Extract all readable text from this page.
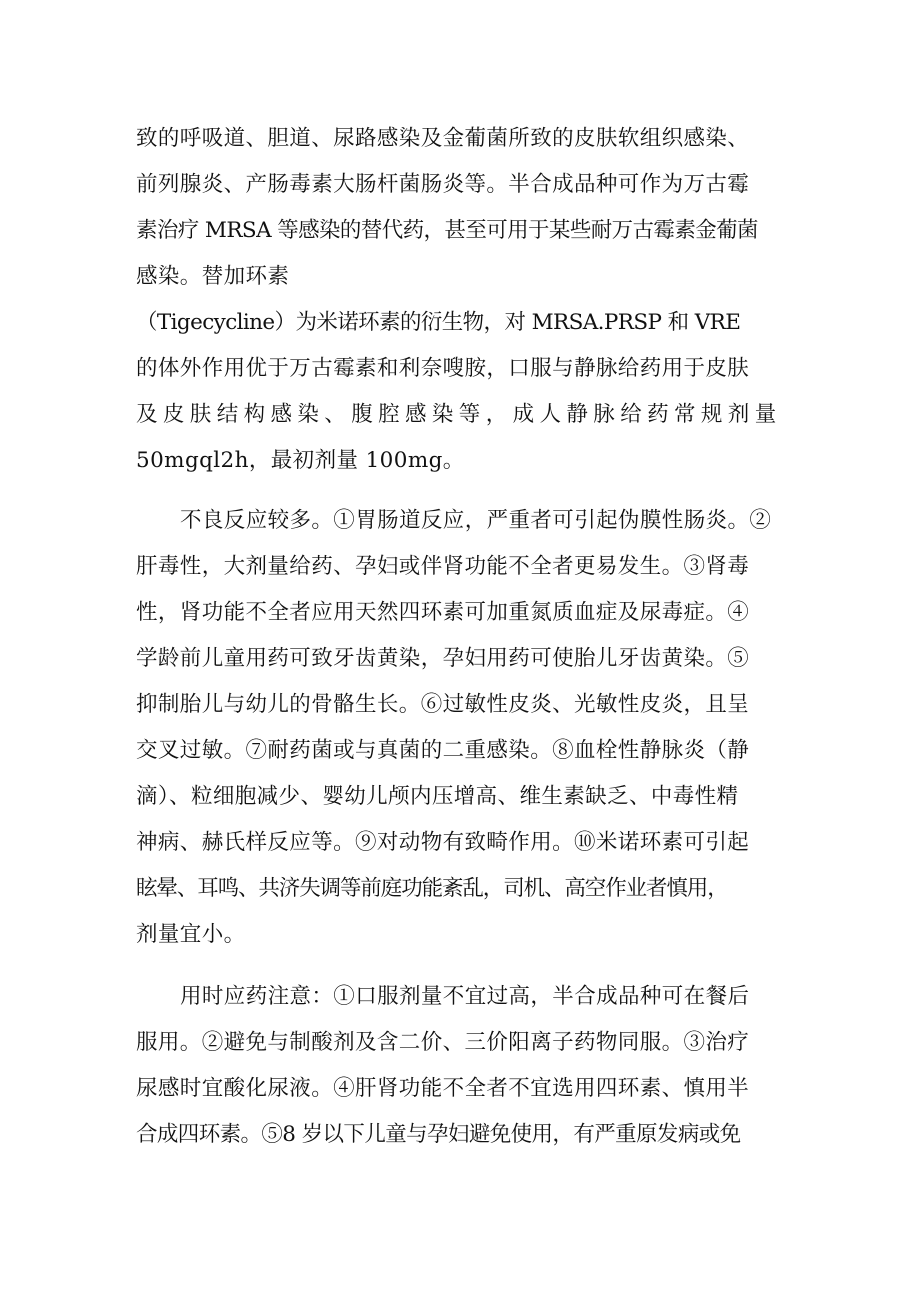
致的呼吸道、胆道、尿路感染及金葡菌所致的皮肤软组织感染、
前列腺炎、产肠毒素大肠杆菌肠炎等。半合成品种可作为万古霉
素治疗 MRSA 等感染的替代药，甚至可用于某些耐万古霉素金葡菌
感染。替加环素
（Tigecycline）为米诺环素的衍生物，对 MRSA.PRSP 和 VRE
的体外作用优于万古霉素和利奈嗖胺，口服与静脉给药用于皮肤
及皮肤结构感染、腹腔感染等，成人静脉给药常规剂量
50mgql2h，最初剂量 100mg。
不良反应较多。①胃肠道反应，严重者可引起伪膜性肠炎。②
肝毒性，大剂量给药、孕妇或伴肾功能不全者更易发生。③肾毒
性，肾功能不全者应用天然四环素可加重氮质血症及尿毒症。④
学龄前儿童用药可致牙齿黄染，孕妇用药可使胎儿牙齿黄染。⑤
抑制胎儿与幼儿的骨骼生长。⑥过敏性皮炎、光敏性皮炎，且呈
交叉过敏。⑦耐药菌或与真菌的二重感染。⑧血栓性静脉炎（静
滴）、粒细胞减少、婴幼儿颅内压增高、维生素缺乏、中毒性精
神病、赫氏样反应等。⑨对动物有致畸作用。⑩米诺环素可引起
眩晕、耳鸣、共济失调等前庭功能紊乱，司机、高空作业者慎用，
剂量宜小。
用时应药注意：①口服剂量不宜过高，半合成品种可在餐后
服用。②避免与制酸剂及含二价、三价阳离子药物同服。③治疗
尿感时宜酸化尿液。④肝肾功能不全者不宜选用四环素、慎用半
合成四环素。⑤8 岁以下儿童与孕妇避免使用，有严重原发病或免
